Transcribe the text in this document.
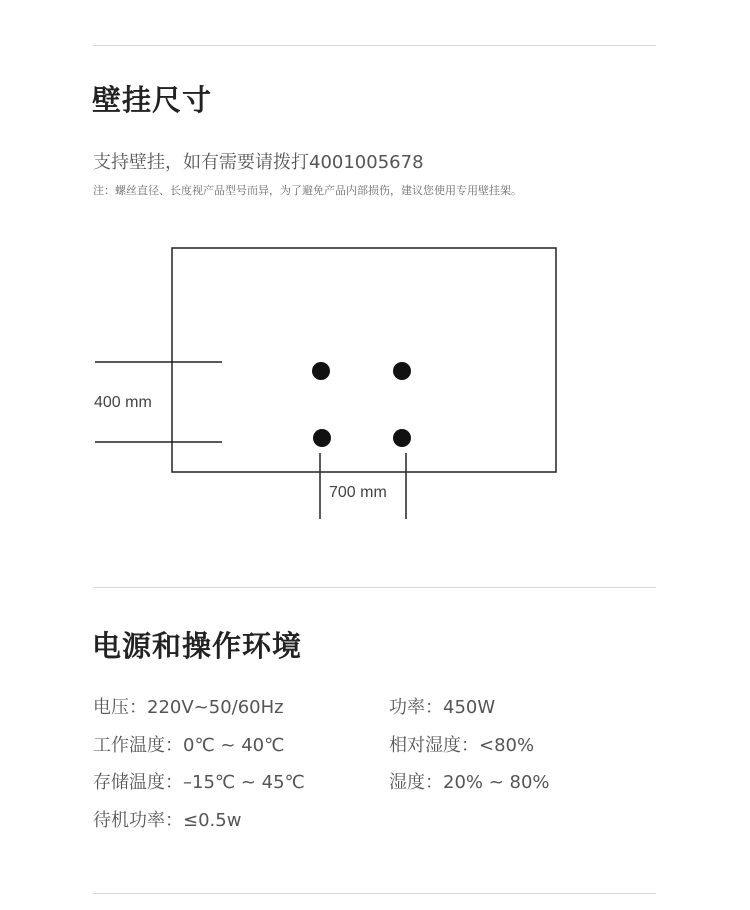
壁挂尺寸
支持壁挂，如有需要请拨打4001005678
注：螺丝直径、长度视产品型号而异，为了避免产品内部损伤，建议您使用专用壁挂架。
400 mm
700 mm
电源和操作环境
电压：220V~50/60Hz	功率：450W
工作温度：0℃ ~ 40℃	相对湿度：<80%
存储温度：–15℃ ~ 45℃	湿度：20% ~ 80%
待机功率：≤0.5w
